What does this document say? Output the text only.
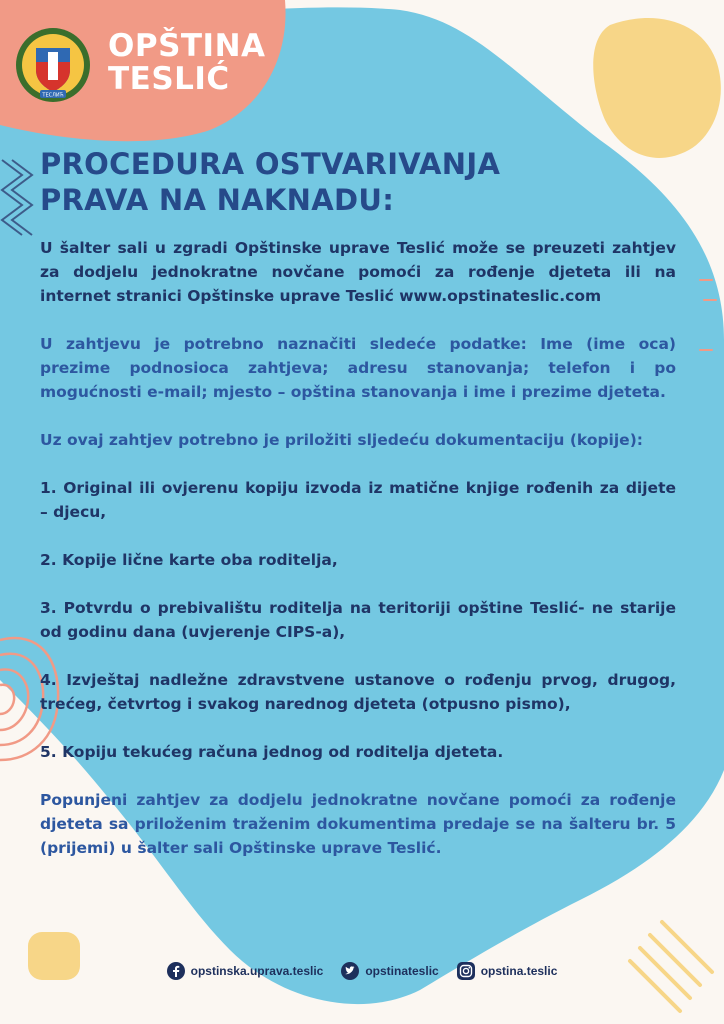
ТЕСЛИЋ
OPŠTINA
TESLIĆ
PROCEDURA OSTVARIVANJA
PRAVA NA NAKNADU:

U šalter sali u zgradi Opštinske uprave Teslić može se preuzeti zahtjev za dodjelu jednokratne novčane pomoći za rođenje djeteta ili na internet stranici Opštinske uprave Teslić www.opstinateslic.com

U zahtjevu je potrebno naznačiti sledeće podatke: Ime (ime oca) prezime podnosioca zahtjeva; adresu stanovanja; telefon i po mogućnosti e-mail; mjesto – opština stanovanja i ime i prezime djeteta.

Uz ovaj zahtjev potrebno je priložiti sljedeću dokumentaciju (kopije):

1. Original ili ovjerenu kopiju izvoda iz matične knjige rođenih za dijete – djecu,

2. Kopije lične karte oba roditelja,

3. Potvrdu o prebivalištu roditelja na teritoriji opštine Teslić- ne starije od godinu dana (uvjerenje CIPS-a),

4. Izvještaj nadležne zdravstvene ustanove o rođenju prvog, drugog, trećeg, četvrtog i svakog narednog djeteta (otpusno pismo),

5. Kopiju tekućeg računa jednog od roditelja djeteta.

Popunjeni zahtjev za dodjelu jednokratne novčane pomoći za rođenje djeteta sa priloženim traženim dokumentima predaje se na šalteru br. 5 (prijemi) u šalter sali Opštinske uprave Teslić.

opstinska.uprava.teslic	opstinateslic	opstina.teslic
